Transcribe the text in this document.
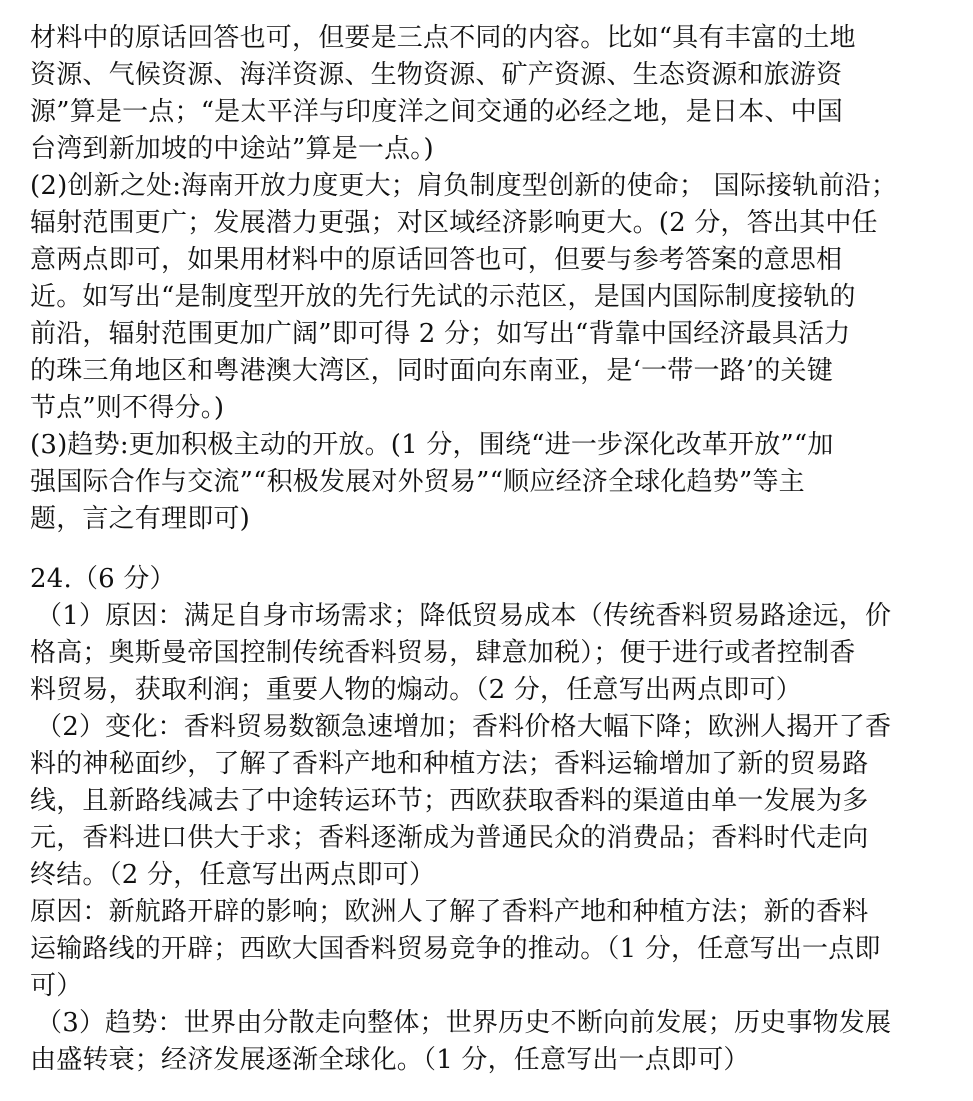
材料中的原话回答也可，但要是三点不同的内容。比如“具有丰富的土地
资源、气候资源、海洋资源、生物资源、矿产资源、生态资源和旅游资
源”算是一点；“是太平洋与印度洋之间交通的必经之地，是日本、中国
台湾到新加坡的中途站”算是一点。)
(2)创新之处:海南开放力度更大；肩负制度型创新的使命； 国际接轨前沿；
辐射范围更广；发展潜力更强；对区域经济影响更大。(2 分，答出其中任
意两点即可，如果用材料中的原话回答也可，但要与参考答案的意思相
近。如写出“是制度型开放的先行先试的示范区，是国内国际制度接轨的
前沿，辐射范围更加广阔”即可得 2 分；如写出“背靠中国经济最具活力
的珠三角地区和粤港澳大湾区，同时面向东南亚，是‘一带一路’的关键
节点”则不得分。)
(3)趋势:更加积极主动的开放。(1 分，围绕“进一步深化改革开放”“加
强国际合作与交流”“积极发展对外贸易”“顺应经济全球化趋势”等主
题，言之有理即可)
24.（6 分）
（1）原因：满足自身市场需求；降低贸易成本（传统香料贸易路途远，价
格高；奥斯曼帝国控制传统香料贸易，肆意加税）；便于进行或者控制香
料贸易，获取利润；重要人物的煽动。（2 分，任意写出两点即可）
（2）变化：香料贸易数额急速增加；香料价格大幅下降；欧洲人揭开了香
料的神秘面纱，了解了香料产地和种植方法；香料运输增加了新的贸易路
线，且新路线减去了中途转运环节；西欧获取香料的渠道由单一发展为多
元，香料进口供大于求；香料逐渐成为普通民众的消费品；香料时代走向
终结。（2 分，任意写出两点即可）
原因：新航路开辟的影响；欧洲人了解了香料产地和种植方法；新的香料
运输路线的开辟；西欧大国香料贸易竞争的推动。（1 分，任意写出一点即
可）
（3）趋势：世界由分散走向整体；世界历史不断向前发展；历史事物发展
由盛转衰；经济发展逐渐全球化。（1 分，任意写出一点即可）
